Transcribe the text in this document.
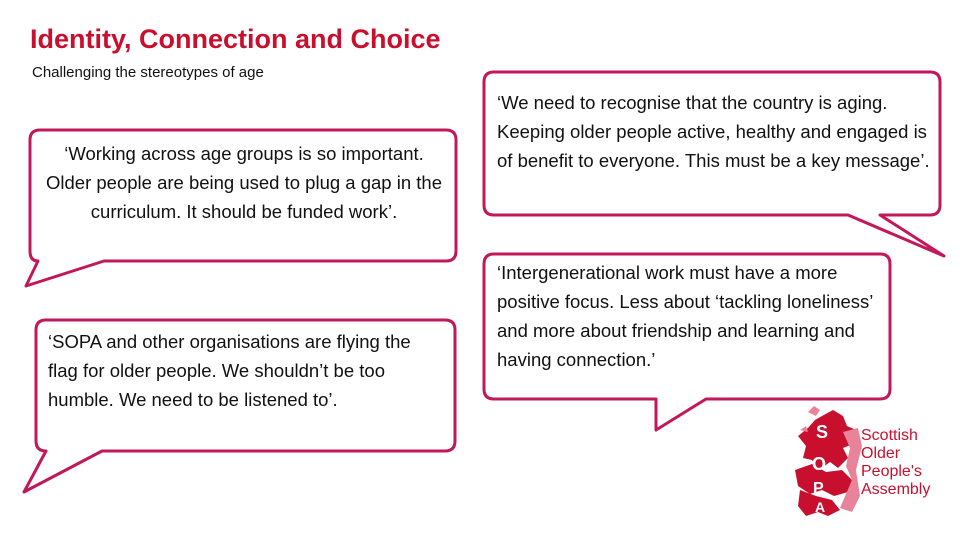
Identity, Connection and Choice
Challenging the stereotypes of age
S
O
P
A
‘Working across age groups is so important. Older people are being used to plug a gap in the curriculum. It should be funded work’.
‘SOPA and other organisations are flying the flag for older people. We shouldn’t be too humble. We need to be listened to’.
‘We need to recognise that the country is aging. Keeping older people active, healthy and engaged is of benefit to everyone. This must be a key message’.
‘Intergenerational work must have a more positive focus. Less about ‘tackling loneliness’ and more about friendship and learning and having connection.’
Scottish
Older
People's
Assembly
